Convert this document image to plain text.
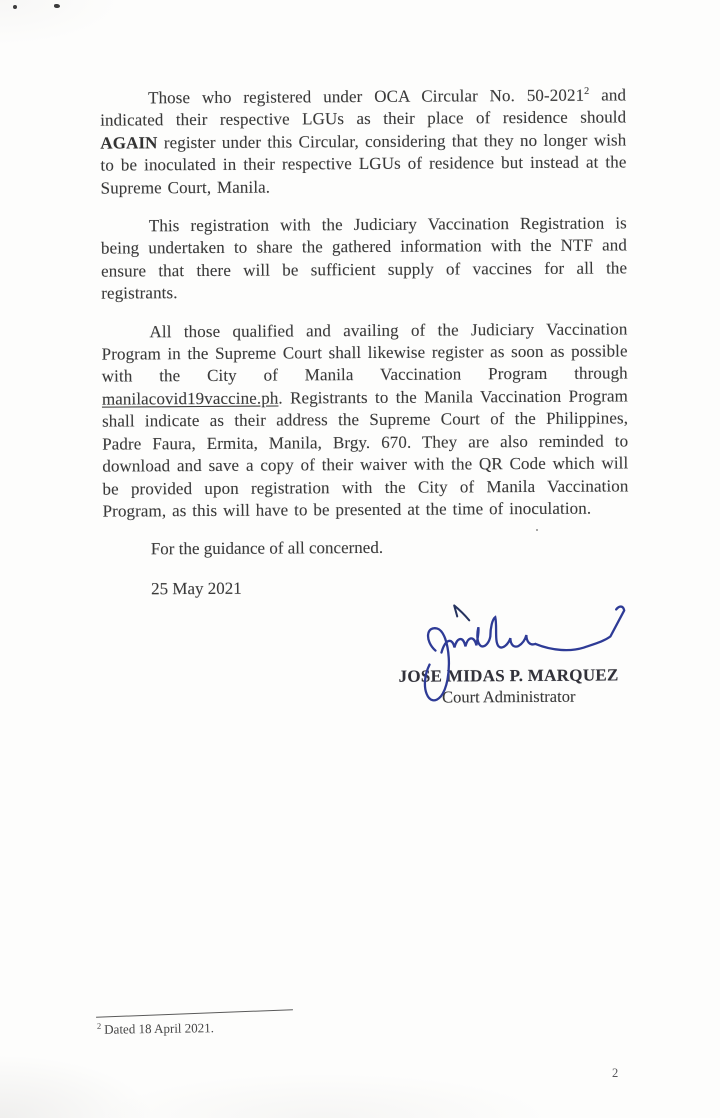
Those who registered under OCA Circular No. 50-2021$^2$ and indicated their respective LGUs as their place of residence should AGAIN register under this Circular, considering that they no longer wish to be inoculated in their respective LGUs of residence but instead at the Supreme Court, Manila.

This registration with the Judiciary Vaccination Registration is being undertaken to share the gathered information with the NTF and ensure that there will be sufficient supply of vaccines for all the registrants.

All those qualified and availing of the Judiciary Vaccination Program in the Supreme Court shall likewise register as soon as possible with the City of Manila Vaccination Program through manilacovid19vaccine.ph. Registrants to the Manila Vaccination Program shall indicate as their address the Supreme Court of the Philippines, Padre Faura, Ermita, Manila, Brgy. 670. They are also reminded to download and save a copy of their waiver with the QR Code which will be provided upon registration with the City of Manila Vaccination Program, as this will have to be presented at the time of inoculation.

For the guidance of all concerned.

25 May 2021

JOSE MIDAS P. MARQUEZ
Court Administrator
$^2$ Dated 18 April 2021.
2
